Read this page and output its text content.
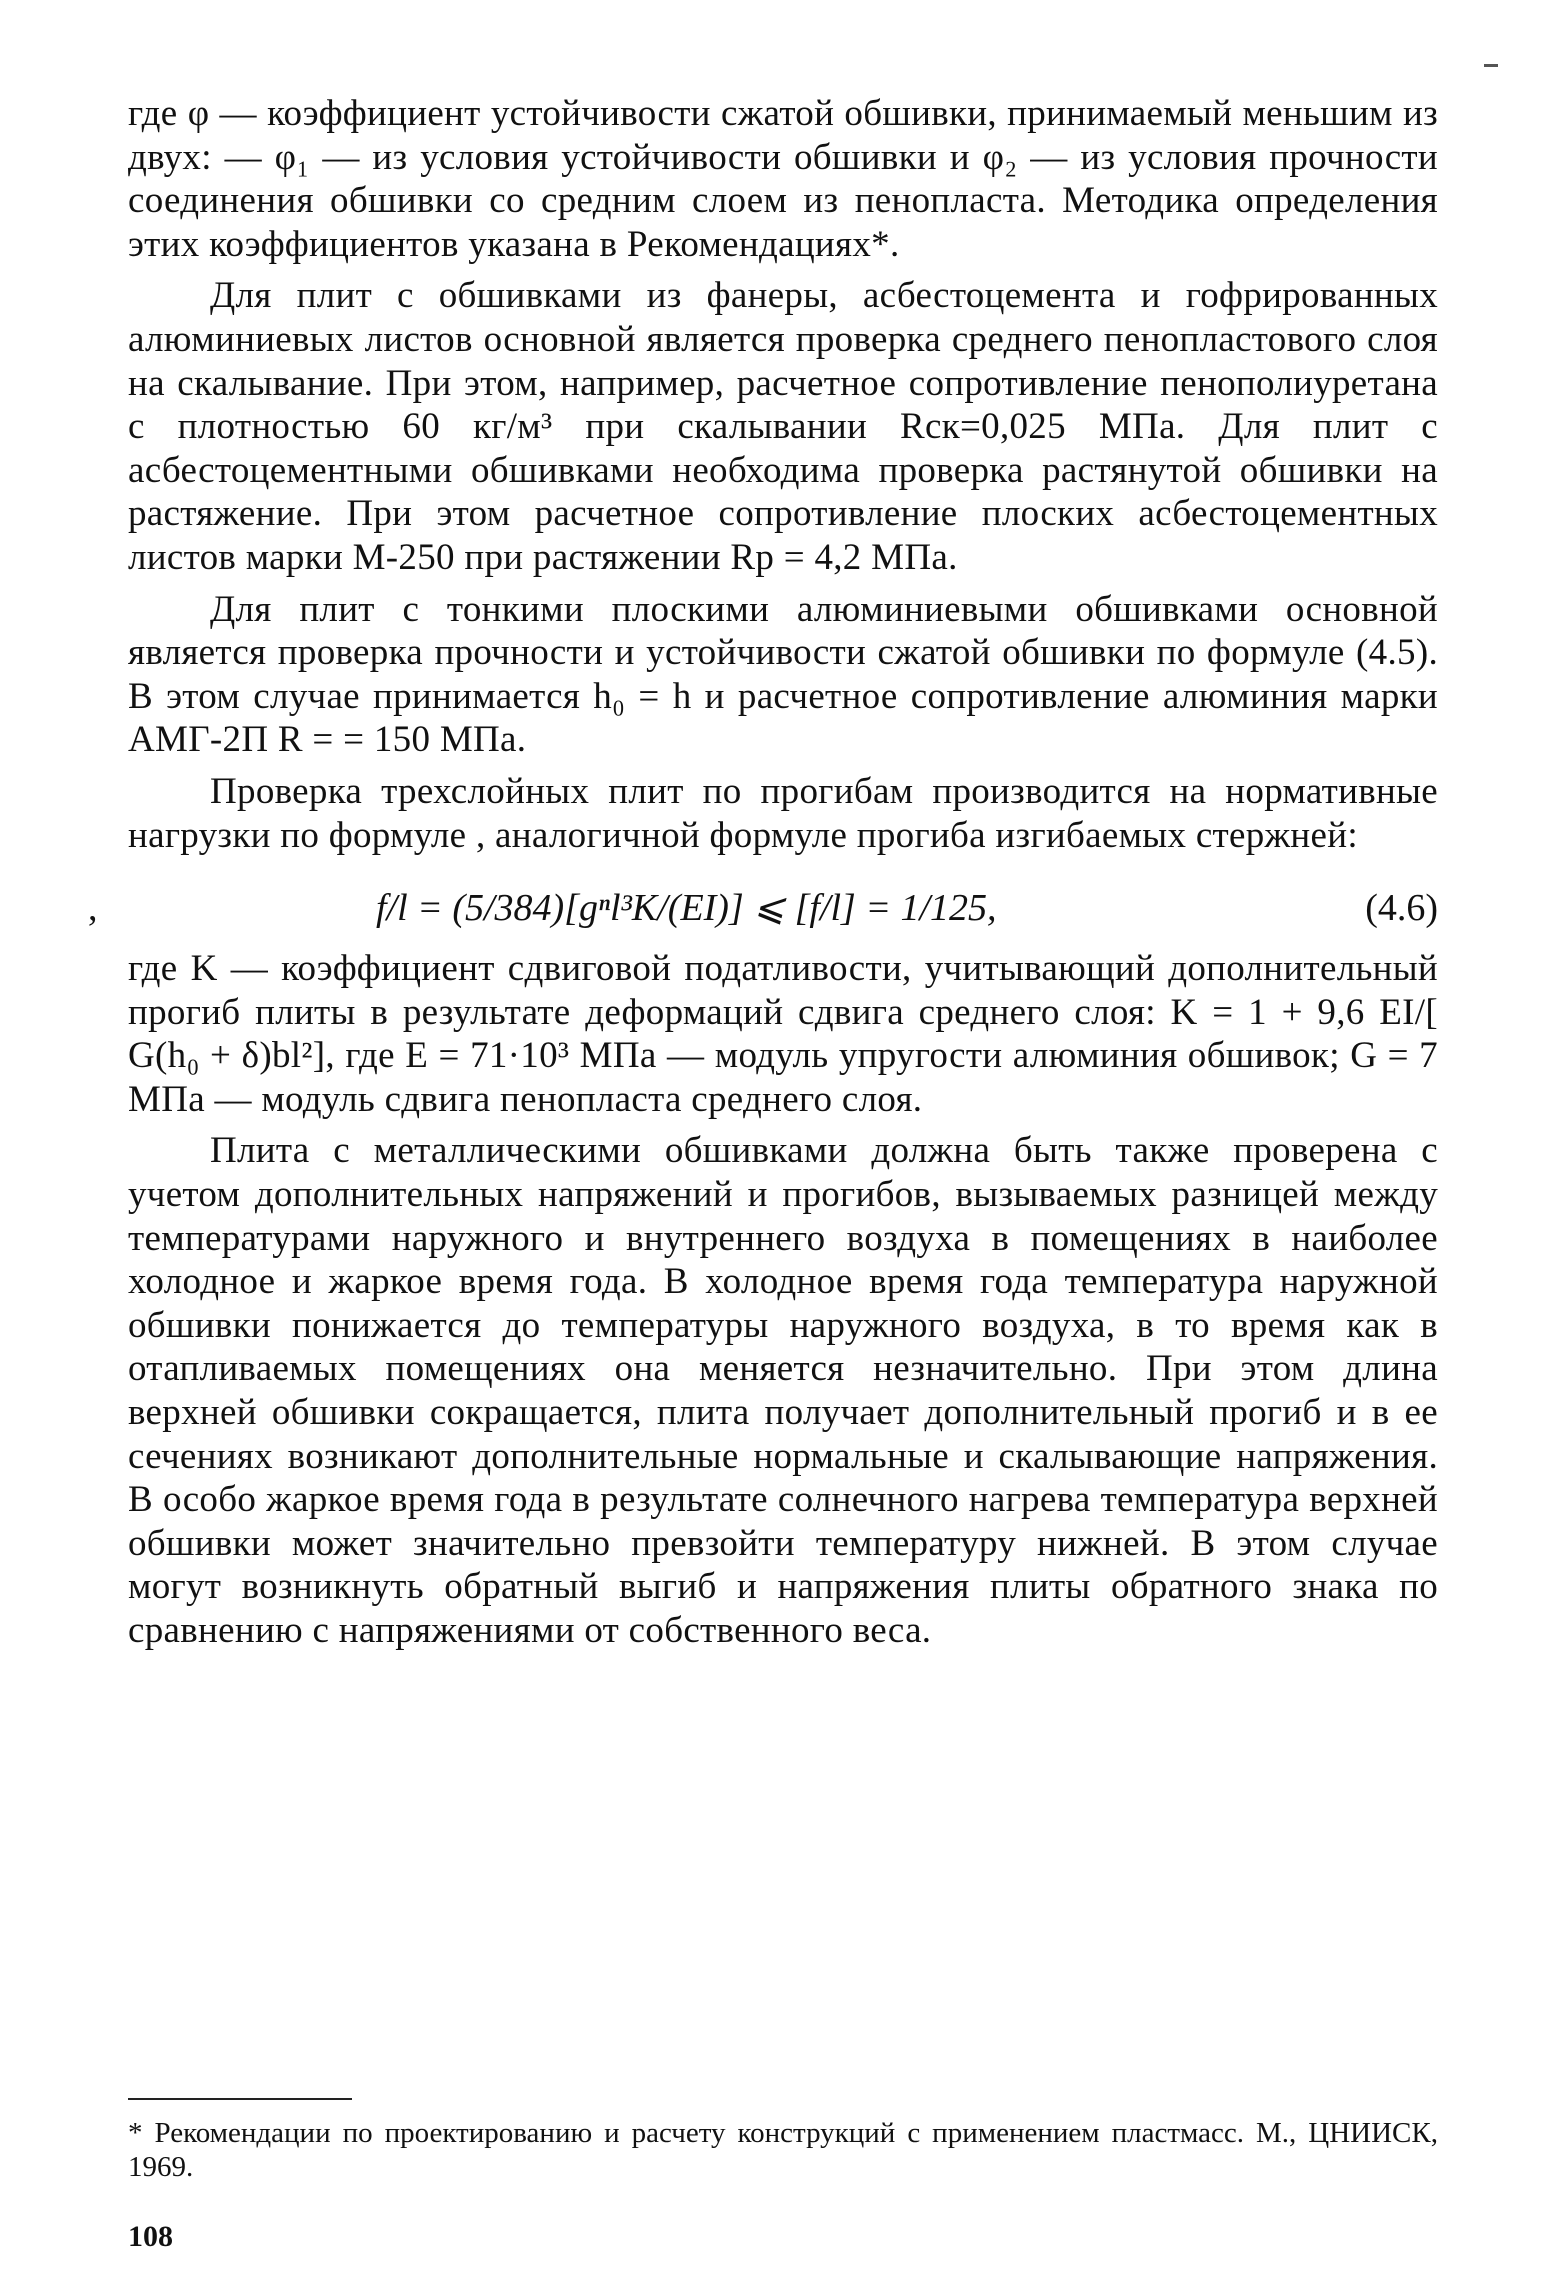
где φ — коэффициент устойчивости сжатой обшивки, принимаемый меньшим из двух: — φ₁ — из условия устойчивости обшивки и φ₂ — из условия прочности соединения обшивки со средним слоем из пенопласта. Методика определения этих коэффициентов указана в Рекомендациях*.

Для плит с обшивками из фанеры, асбестоцемента и гофрированных алюминиевых листов основной является проверка среднего пенопластового слоя на скалывание. При этом, например, расчетное сопротивление пенополиуретана с плотностью 60 кг/м³ при скалывании Rск=0,025 МПа. Для плит с асбестоцементными обшивками необходима проверка растянутой обшивки на растяжение. При этом расчетное сопротивление плоских асбестоцементных листов марки М-250 при растяжении Rр = 4,2 МПа.

Для плит с тонкими плоскими алюминиевыми обшивками основной является проверка прочности и устойчивости сжатой обшивки по формуле (4.5). В этом случае принимается h₀ = h и расчетное сопротивление алюминия марки АМГ-2П R = = 150 МПа.

Проверка трехслойных плит по прогибам производится на нормативные нагрузки по формуле , аналогичной формуле прогиба изгибаемых стержней:

,	f/l = (5/384)[gⁿl³K/(EI)] ⩽ [f/l] = 1/125,	(4.6)

где K — коэффициент сдвиговой податливости, учитывающий дополнительный прогиб плиты в результате деформаций сдвига среднего слоя: K = 1 + 9,6 EI/[ G(h₀ + δ)bl²], где E = 71·10³ МПа — модуль упругости алюминия обшивок; G = 7 МПа — модуль сдвига пенопласта среднего слоя.

Плита с металлическими обшивками должна быть также проверена с учетом дополнительных напряжений и прогибов, вызываемых разницей между температурами наружного и внутреннего воздуха в помещениях в наиболее холодное и жаркое время года. В холодное время года температура наружной обшивки понижается до температуры наружного воздуха, в то время как в отапливаемых помещениях она меняется незначительно. При этом длина верхней обшивки сокращается, плита получает дополнительный прогиб и в ее сечениях возникают дополнительные нормальные и скалывающие напряжения. В особо жаркое время года в результате солнечного нагрева температура верхней обшивки может значительно превзойти температуру нижней. В этом случае могут возникнуть обратный выгиб и напряжения плиты обратного знака по сравнению с напряжениями от собственного веса.

* Рекомендации по проектированию и расчету конструкций с применением пластмасс. М., ЦНИИСК, 1969.

108
